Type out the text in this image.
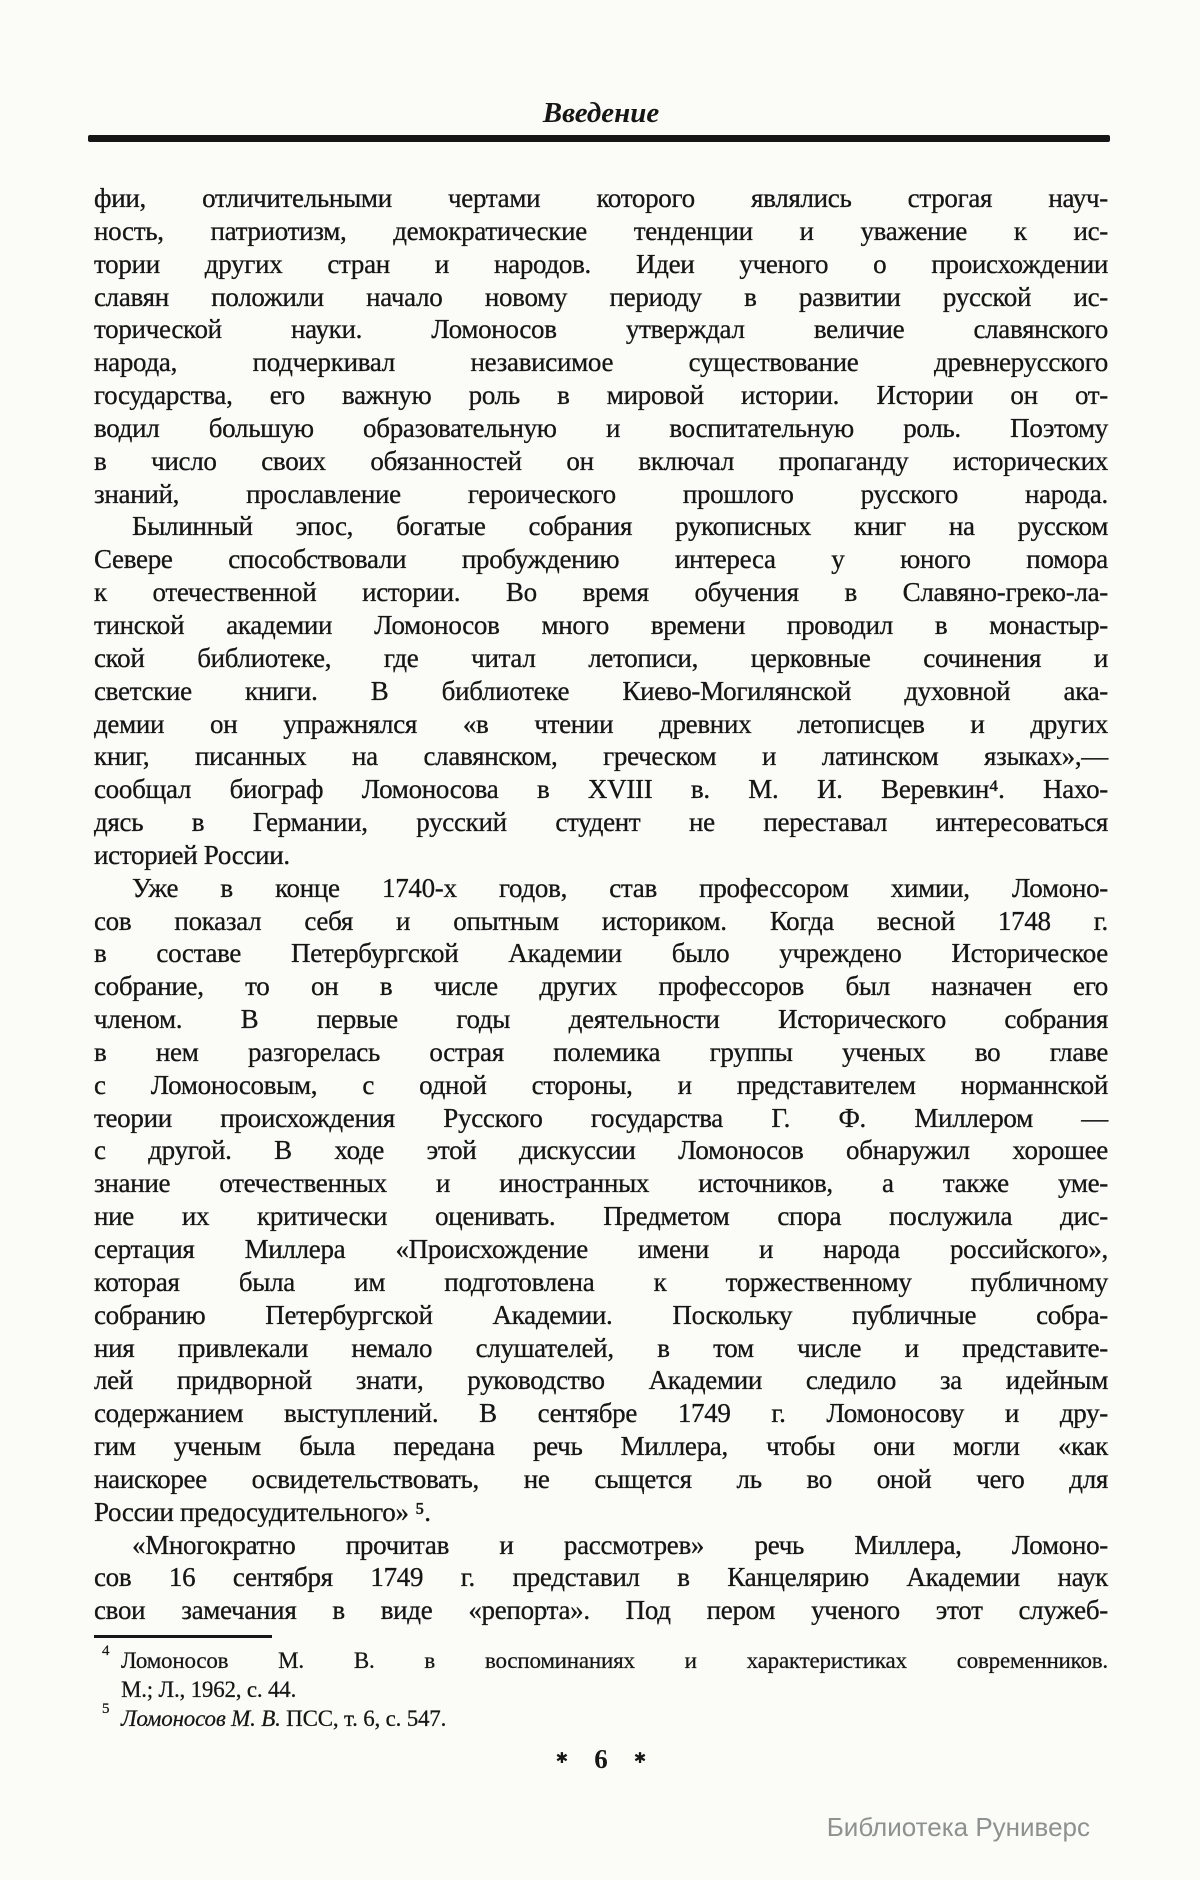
Введение
фии, отличительными чертами которого являлись строгая науч-
ность, патриотизм, демократические тенденции и уважение к ис-
тории других стран и народов. Идеи ученого о происхождении
славян положили начало новому периоду в развитии русской ис-
торической науки. Ломоносов утверждал величие славянского
народа, подчеркивал независимое существование древнерусского
государства, его важную роль в мировой истории. Истории он от-
водил большую образовательную и воспитательную роль. Поэтому
в число своих обязанностей он включал пропаганду исторических
знаний, прославление героического прошлого русского народа.
Былинный эпос, богатые собрания рукописных книг на русском
Севере способствовали пробуждению интереса у юного помора
к отечественной истории. Во время обучения в Славяно-греко-ла-
тинской академии Ломоносов много времени проводил в монастыр-
ской библиотеке, где читал летописи, церковные сочинения и
светские книги. В библиотеке Киево-Могилянской духовной ака-
демии он упражнялся «в чтении древних летописцев и других
книг, писанных на славянском, греческом и латинском языках»,—
сообщал биограф Ломоносова в XVIII в. М. И. Веревкин⁴. Нахо-
дясь в Германии, русский студент не переставал интересоваться
историей России.
Уже в конце 1740-х годов, став профессором химии, Ломоно-
сов показал себя и опытным историком. Когда весной 1748 г.
в составе Петербургской Академии было учреждено Историческое
собрание, то он в числе других профессоров был назначен его
членом. В первые годы деятельности Исторического собрания
в нем разгорелась острая полемика группы ученых во главе
с Ломоносовым, с одной стороны, и представителем норманнской
теории происхождения Русского государства Г. Ф. Миллером —
с другой. В ходе этой дискуссии Ломоносов обнаружил хорошее
знание отечественных и иностранных источников, а также уме-
ние их критически оценивать. Предметом спора послужила дис-
сертация Миллера «Происхождение имени и народа российского»,
которая была им подготовлена к торжественному публичному
собранию Петербургской Академии. Поскольку публичные собра-
ния привлекали немало слушателей, в том числе и представите-
лей придворной знати, руководство Академии следило за идейным
содержанием выступлений. В сентябре 1749 г. Ломоносову и дру-
гим ученым была передана речь Миллера, чтобы они могли «как
наискорее освидетельствовать, не сыщется ль во оной чего для
России предосудительного» ⁵.
«Многократно прочитав и рассмотрев» речь Миллера, Ломоно-
сов 16 сентября 1749 г. представил в Канцелярию Академии наук
свои замечания в виде «репорта». Под пером ученого этот служеб-
4 Ломоносов М. В. в воспоминаниях и характеристиках современников.
М.; Л., 1962, с. 44.
5 Ломоносов М. В. ПСС, т. 6, с. 547.
✱ 6 ✱
Библиотека Руниверс
